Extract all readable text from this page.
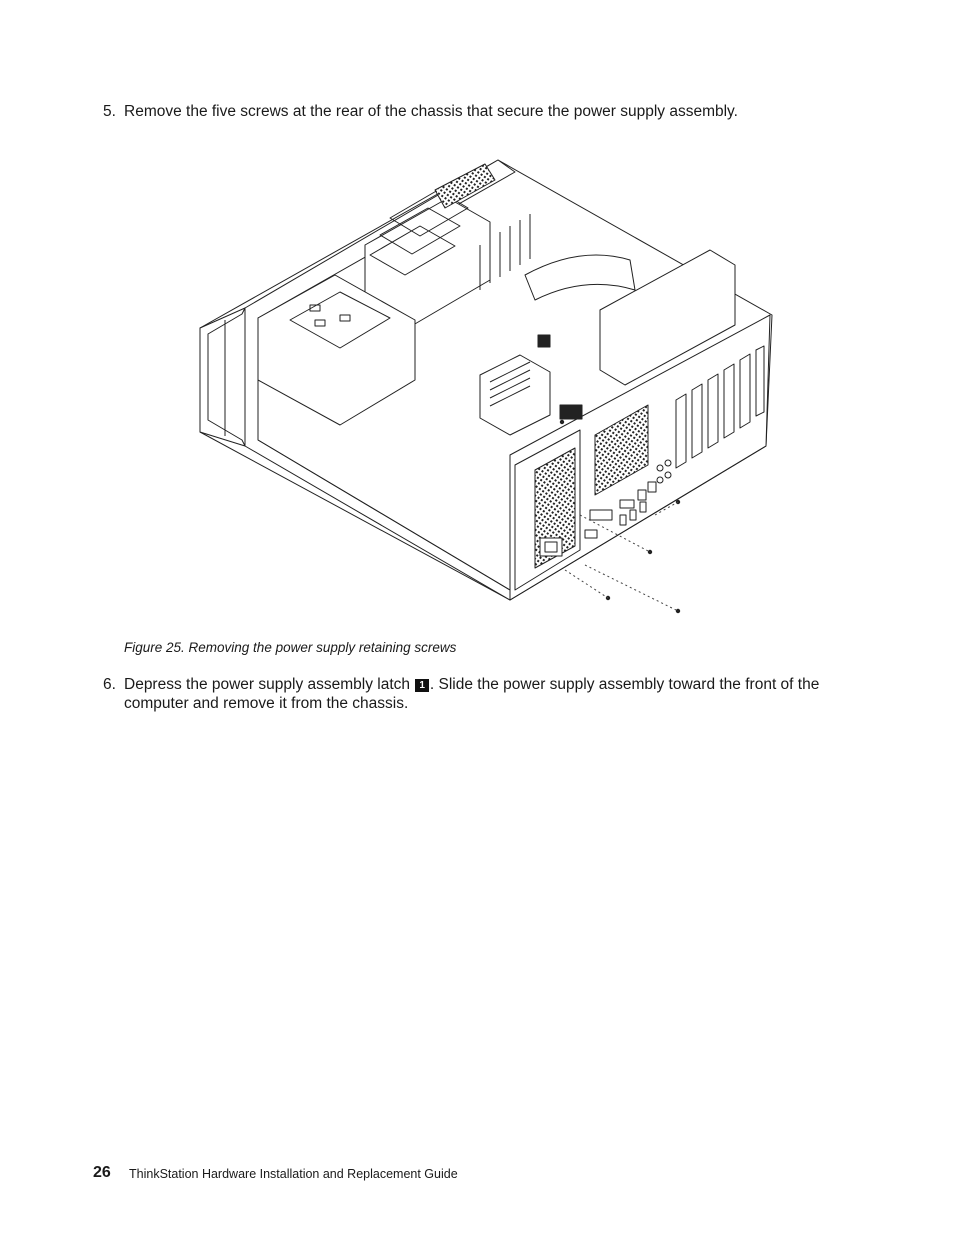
5. Remove the five screws at the rear of the chassis that secure the power supply assembly.
Figure 25. Removing the power supply retaining screws
6. Depress the power supply assembly latch 1 . Slide the power supply assembly toward the front of the computer and remove it from the chassis.
26 ThinkStation Hardware Installation and Replacement Guide
